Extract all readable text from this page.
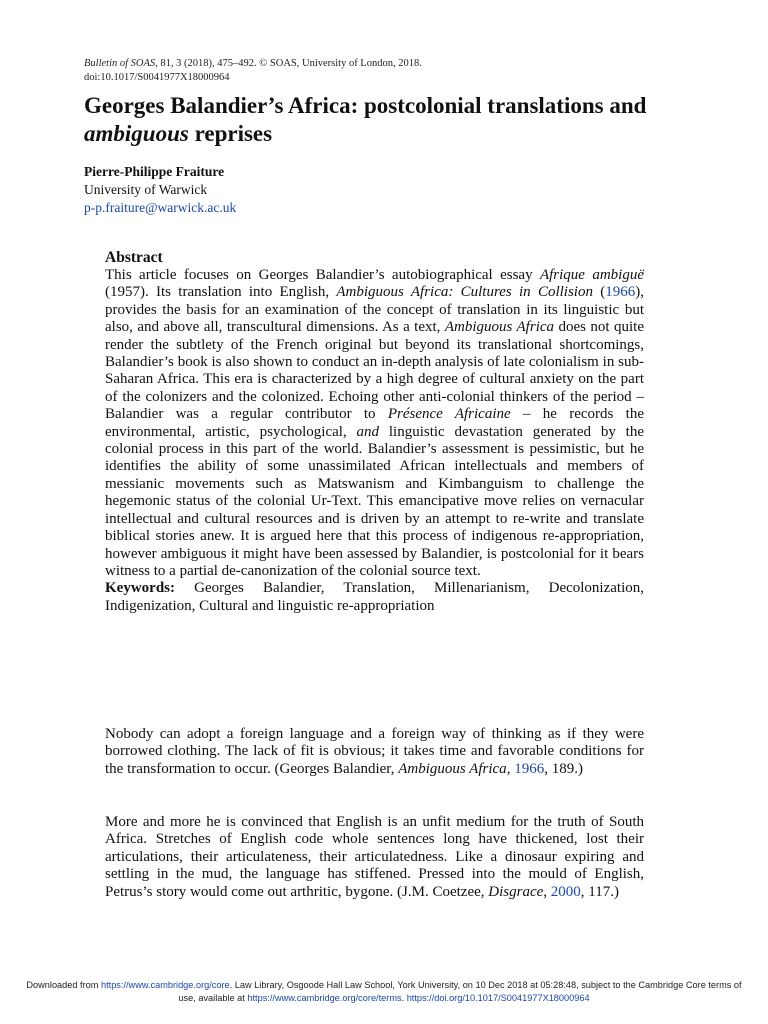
Bulletin of SOAS, 81, 3 (2018), 475–492. © SOAS, University of London, 2018.
doi:10.1017/S0041977X18000964
Georges Balandier’s Africa: postcolonial translations and ambiguous reprises
Pierre-Philippe Fraiture
University of Warwick
p-p.fraiture@warwick.ac.uk
Abstract

This article focuses on Georges Balandier’s autobiographical essay Afrique ambiguë (1957). Its translation into English, Ambiguous Africa: Cultures in Collision (1966), provides the basis for an examination of the concept of translation in its linguistic but also, and above all, transcultural dimensions. As a text, Ambiguous Africa does not quite render the subtlety of the French original but beyond its translational shortcomings, Balandier’s book is also shown to conduct an in-depth analysis of late colonialism in sub-Saharan Africa. This era is characterized by a high degree of cultural anxiety on the part of the colonizers and the colonized. Echoing other anti-colonial thinkers of the period – Balandier was a regular contributor to Présence Africaine – he records the environmental, artistic, psychological, and linguistic devastation generated by the colonial process in this part of the world. Balandier’s assessment is pessimistic, but he identifies the ability of some unassimilated African intellectuals and members of messianic movements such as Matswanism and Kimbanguism to challenge the hegemonic status of the colonial Ur-Text. This emancipative move relies on vernacular intellectual and cultural resources and is driven by an attempt to re-write and translate biblical stories anew. It is argued here that this process of indigenous re-appropriation, however ambiguous it might have been assessed by Balandier, is postcolonial for it bears witness to a partial de-canonization of the colonial source text.

Keywords: Georges Balandier, Translation, Millenarianism, Decolonization, Indigenization, Cultural and linguistic re-appropriation

Nobody can adopt a foreign language and a foreign way of thinking as if they were borrowed clothing. The lack of fit is obvious; it takes time and favorable conditions for the transformation to occur. (Georges Balandier, Ambiguous Africa, 1966, 189.)

More and more he is convinced that English is an unfit medium for the truth of South Africa. Stretches of English code whole sentences long have thickened, lost their articulations, their articulateness, their articulatedness. Like a dinosaur expiring and settling in the mud, the language has stiffened. Pressed into the mould of English, Petrus’s story would come out arthritic, bygone. (J.M. Coetzee, Disgrace, 2000, 117.)

Downloaded from https://www.cambridge.org/core. Law Library, Osgoode Hall Law School, York University, on 10 Dec 2018 at 05:28:48, subject to the Cambridge Core terms of use, available at https://www.cambridge.org/core/terms. https://doi.org/10.1017/S0041977X18000964
